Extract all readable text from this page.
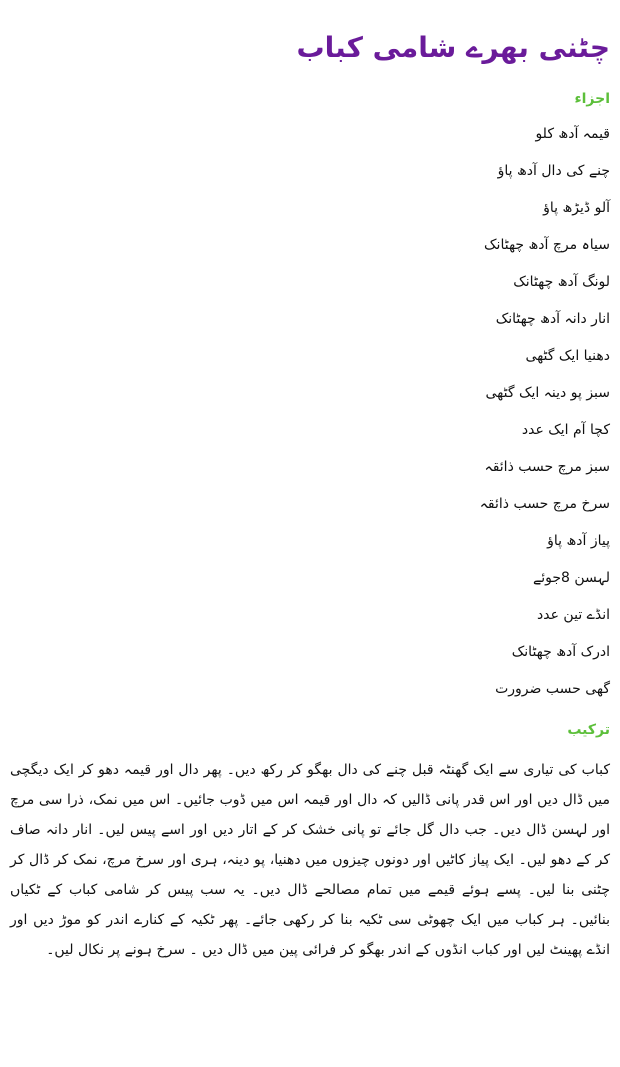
چٹنی بھرے شامی کباب
اجزاء
قیمہ آدھ کلو
چنے کی دال آدھ پاؤ
آلو ڈیڑھ پاؤ
سیاہ مرچ آدھ چھٹانک
لونگ آدھ چھٹانک
انار دانہ آدھ چھٹانک
دھنیا ایک گٹھی
سبز پو دینہ ایک گٹھی
کچا آم ایک عدد
سبز مرچ حسب ذائقہ
سرخ مرچ حسب ذائقہ
پیاز آدھ پاؤ
لہسن 8جوئے
انڈے تین عدد
ادرک آدھ چھٹانک
گھی حسب ضرورت
ترکیب

کباب کی تیاری سے ایک گھنٹہ قبل چنے کی دال بھگو کر رکھ دیں۔ پھر دال اور قیمہ دھو کر ایک دیگچی میں ڈال دیں اور اس قدر پانی ڈالیں کہ دال اور قیمہ اس میں ڈوب جائیں۔ اس میں نمک، ذرا سی مرچ اور لہسن ڈال دیں۔ جب دال گل جائے تو پانی خشک کر کے اتار دیں اور اسے پیس لیں۔ انار دانہ صاف کر کے دھو لیں۔ ایک پیاز کاٹیں اور دونوں چیزوں میں دھنیا، پو دینہ، ہری اور سرخ مرچ، نمک کر ڈال کر چٹنی بنا لیں۔ پسے ہوئے قیمے میں تمام مصالحے ڈال دیں۔ یہ سب پیس کر شامی کباب کے ٹکیاں بنائیں۔ ہر کباب میں ایک چھوٹی سی ٹکیہ بنا کر رکھی جائے۔ پھر ٹکیہ کے کنارے اندر کو موڑ دیں اور انڈے پھینٹ لیں اور کباب انڈوں کے اندر بھگو کر فرائی پین میں ڈال دیں ۔ سرخ ہونے پر نکال لیں۔
